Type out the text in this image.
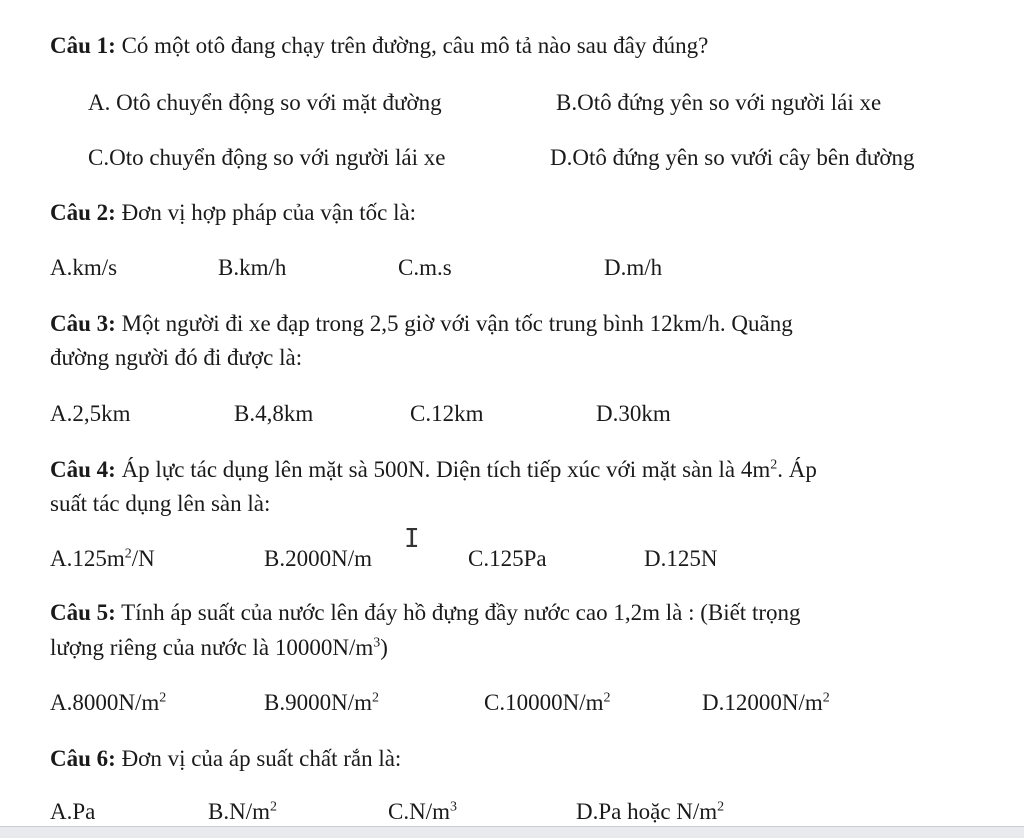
Câu 1: Có một otô đang chạy trên đường, câu mô tả nào sau đây đúng?
A. Otô chuyển động so với mặt đường	B.Otô đứng yên so với người lái xe
C.Oto chuyển động so với người lái xe	D.Otô đứng yên so vưới cây bên đường
Câu 2: Đơn vị hợp pháp của vận tốc là:
A.km/s	B.km/h	C.m.s	D.m/h
Câu 3: Một người đi xe đạp trong 2,5 giờ với vận tốc trung bình 12km/h. Quãng
đường người đó đi được là:
A.2,5km	B.4,8km	C.12km	D.30km
Câu 4: Áp lực tác dụng lên mặt sà 500N. Diện tích tiếp xúc với mặt sàn là $4m^2$. Áp
suất tác dụng lên sàn là:
$A.125m^2/N$	B.2000N/m	C.125Pa	D.125N
I
Câu 5: Tính áp suất của nước lên đáy hồ đựng đầy nước cao 1,2m là : (Biết trọng
lượng riêng của nước là $10000N/m^3$)
$A.8000N/m^2$	$B.9000N/m^2$	$C.10000N/m^2$	$D.12000N/m^2$
Câu 6: Đơn vị của áp suất chất rắn là:
A.Pa	$B.N/m^2$	$C.N/m^3$	D.Pa hoặc $N/m^2$
